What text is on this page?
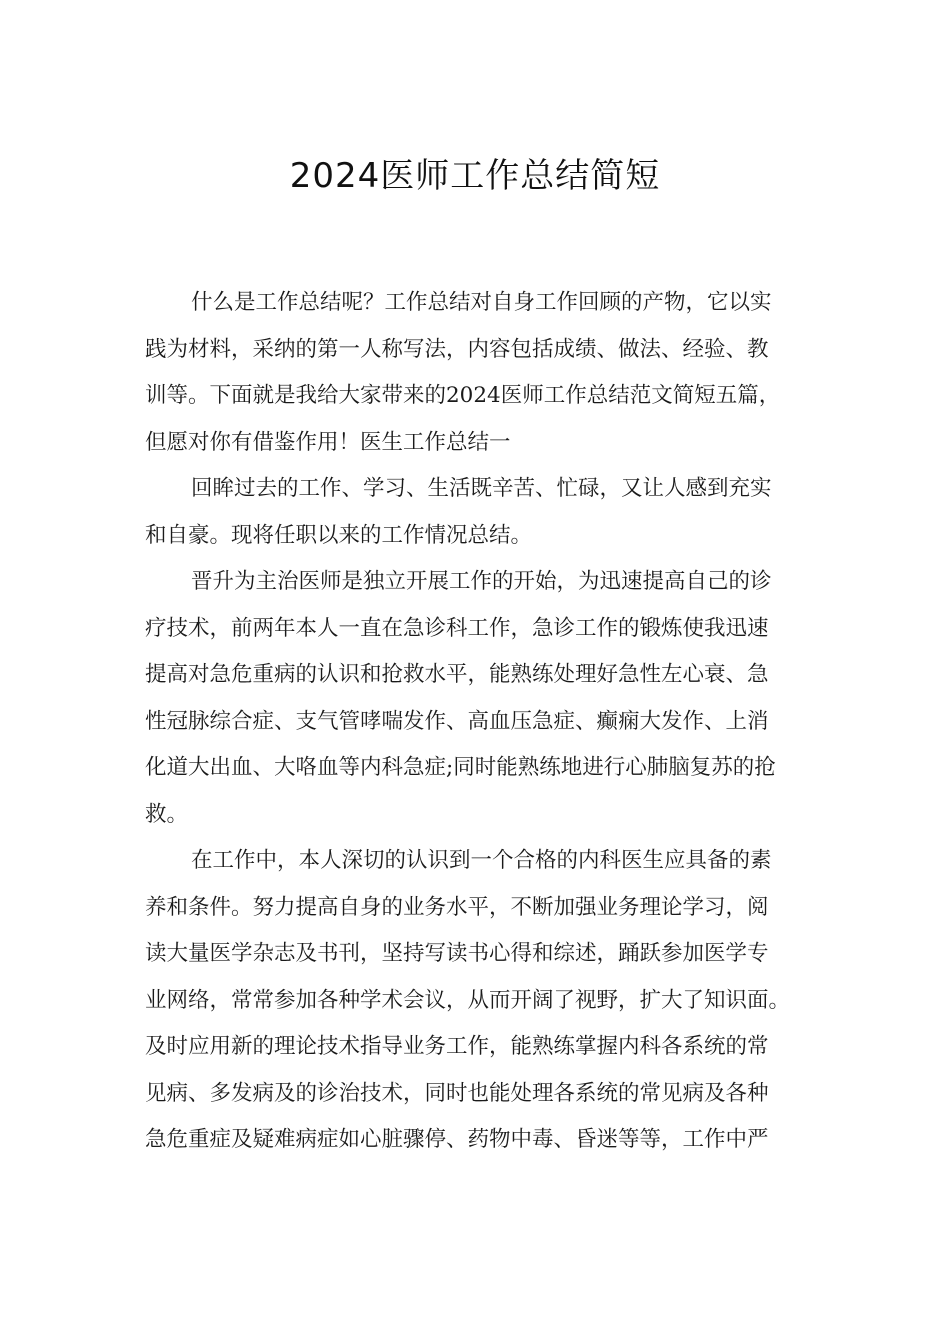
2024医师工作总结简短

什么是工作总结呢？工作总结对自身工作回顾的产物，它以实
践为材料，采纳的第一人称写法，内容包括成绩、做法、经验、教
训等。下面就是我给大家带来的2024医师工作总结范文简短五篇，
但愿对你有借鉴作用！医生工作总结一

回眸过去的工作、学习、生活既辛苦、忙碌，又让人感到充实
和自豪。现将任职以来的工作情况总结。

晋升为主治医师是独立开展工作的开始，为迅速提高自己的诊
疗技术，前两年本人一直在急诊科工作，急诊工作的锻炼使我迅速
提高对急危重病的认识和抢救水平，能熟练处理好急性左心衰、急
性冠脉综合症、支气管哮喘发作、高血压急症、癫痫大发作、上消
化道大出血、大咯血等内科急症;同时能熟练地进行心肺脑复苏的抢
救。

在工作中，本人深切的认识到一个合格的内科医生应具备的素
养和条件。努力提高自身的业务水平，不断加强业务理论学习，阅
读大量医学杂志及书刊，坚持写读书心得和综述，踊跃参加医学专
业网络，常常参加各种学术会议，从而开阔了视野，扩大了知识面。
及时应用新的理论技术指导业务工作，能熟练掌握内科各系统的常
见病、多发病及的诊治技术，同时也能处理各系统的常见病及各种
急危重症及疑难病症如心脏骤停、药物中毒、昏迷等等，工作中严
